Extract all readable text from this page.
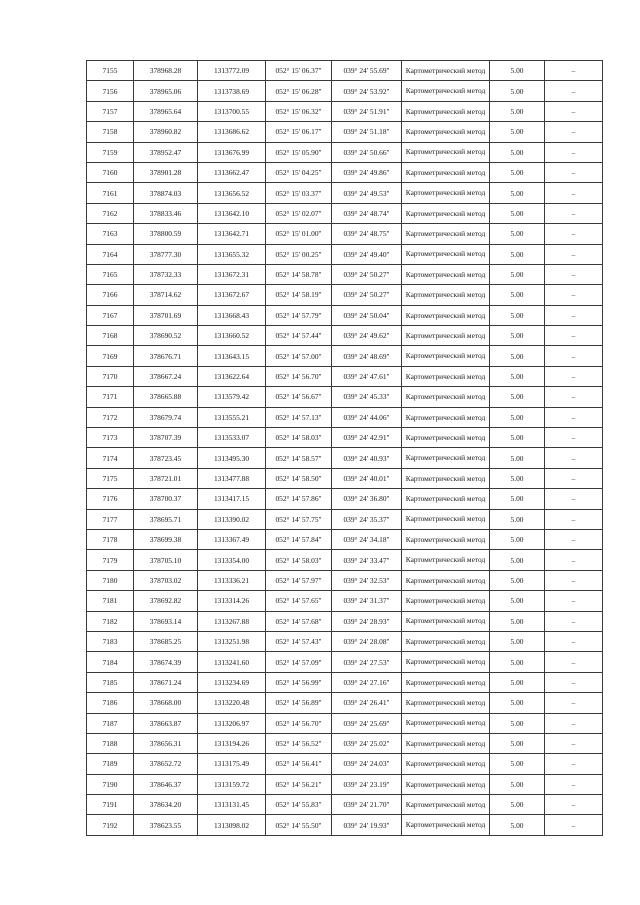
7155	378968.28	1313772.09	052° 15' 06.37"	039° 24' 55.69"	Картометрический метод	5.00	–
7156	378965.06	1313738.69	052° 15' 06.28"	039° 24' 53.92"	Картометрический метод	5.00	–
7157	378965.64	1313700.55	052° 15' 06.32"	039° 24' 51.91"	Картометрический метод	5.00	–
7158	378960.82	1313686.62	052° 15' 06.17"	039° 24' 51.18"	Картометрический метод	5.00	–
7159	378952.47	1313676.99	052° 15' 05.90"	039° 24' 50.66"	Картометрический метод	5.00	–
7160	378901.28	1313662.47	052° 15' 04.25"	039° 24' 49.86"	Картометрический метод	5.00	–
7161	378874.03	1313656.52	052° 15' 03.37"	039° 24' 49.53"	Картометрический метод	5.00	–
7162	378833.46	1313642.10	052° 15' 02.07"	039° 24' 48.74"	Картометрический метод	5.00	–
7163	378800.59	1313642.71	052° 15' 01.00"	039° 24' 48.75"	Картометрический метод	5.00	–
7164	378777.30	1313655.32	052° 15' 00.25"	039° 24' 49.40"	Картометрический метод	5.00	–
7165	378732.33	1313672.31	052° 14' 58.78"	039° 24' 50.27"	Картометрический метод	5.00	–
7166	378714.62	1313672.67	052° 14' 58.19"	039° 24' 50.27"	Картометрический метод	5.00	–
7167	378701.69	1313668.43	052° 14' 57.79"	039° 24' 50.04"	Картометрический метод	5.00	–
7168	378690.52	1313660.52	052° 14' 57.44"	039° 24' 49.62"	Картометрический метод	5.00	–
7169	378676.71	1313643.15	052° 14' 57.00"	039° 24' 48.69"	Картометрический метод	5.00	–
7170	378667.24	1313622.64	052° 14' 56.70"	039° 24' 47.61"	Картометрический метод	5.00	–
7171	378665.88	1313579.42	052° 14' 56.67"	039° 24' 45.33"	Картометрический метод	5.00	–
7172	378679.74	1313555.21	052° 14' 57.13"	039° 24' 44.06"	Картометрический метод	5.00	–
7173	378707.39	1313533.07	052° 14' 58.03"	039° 24' 42.91"	Картометрический метод	5.00	–
7174	378723.45	1313495.30	052° 14' 58.57"	039° 24' 40.93"	Картометрический метод	5.00	–
7175	378721.01	1313477.88	052° 14' 58.50"	039° 24' 40.01"	Картометрический метод	5.00	–
7176	378700.37	1313417.15	052° 14' 57.86"	039° 24' 36.80"	Картометрический метод	5.00	–
7177	378695.71	1313390.02	052° 14' 57.75"	039° 24' 35.37"	Картометрический метод	5.00	–
7178	378699.38	1313367.49	052° 14' 57.84"	039° 24' 34.18"	Картометрический метод	5.00	–
7179	378705.10	1313354.00	052° 14' 58.03"	039° 24' 33.47"	Картометрический метод	5.00	–
7180	378703.02	1313336.21	052° 14' 57.97"	039° 24' 32.53"	Картометрический метод	5.00	–
7181	378692.82	1313314.26	052° 14' 57.65"	039° 24' 31.37"	Картометрический метод	5.00	–
7182	378693.14	1313267.88	052° 14' 57.68"	039° 24' 28.93"	Картометрический метод	5.00	–
7183	378685.25	1313251.98	052° 14' 57.43"	039° 24' 28.08"	Картометрический метод	5.00	–
7184	378674.39	1313241.60	052° 14' 57.09"	039° 24' 27.53"	Картометрический метод	5.00	–
7185	378671.24	1313234.69	052° 14' 56.99"	039° 24' 27.16"	Картометрический метод	5.00	–
7186	378668.00	1313220.48	052° 14' 56.89"	039° 24' 26.41"	Картометрический метод	5.00	–
7187	378663.87	1313206.97	052° 14' 56.70"	039° 24' 25.69"	Картометрический метод	5.00	–
7188	378656.31	1313194.26	052° 14' 56.52"	039° 24' 25.02"	Картометрический метод	5.00	–
7189	378652.72	1313175.49	052° 14' 56.41"	039° 24' 24.03"	Картометрический метод	5.00	–
7190	378646.37	1313159.72	052° 14' 56.21"	039° 24' 23.19"	Картометрический метод	5.00	–
7191	378634.20	1313131.45	052° 14' 55.83"	039° 24' 21.70"	Картометрический метод	5.00	–
7192	378623.55	1313098.02	052° 14' 55.50"	039° 24' 19.93"	Картометрический метод	5.00	–
